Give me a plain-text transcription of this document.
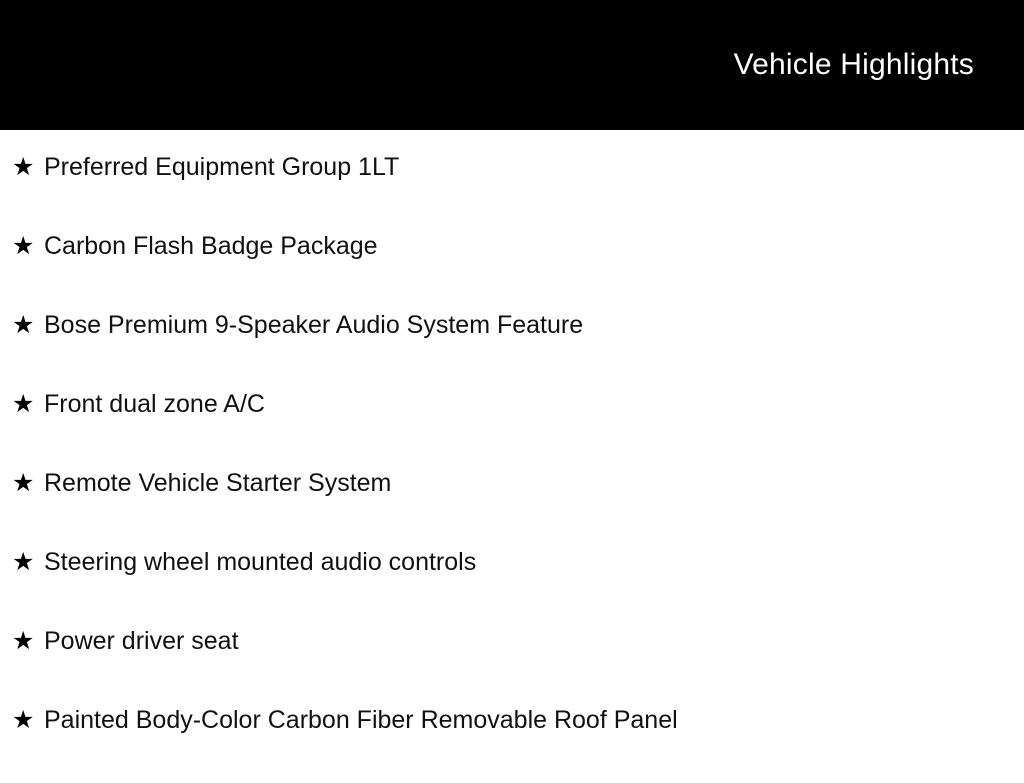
Vehicle Highlights
★ Preferred Equipment Group 1LT
★ Carbon Flash Badge Package
★ Bose Premium 9-Speaker Audio System Feature
★ Front dual zone A/C
★ Remote Vehicle Starter System
★ Steering wheel mounted audio controls
★ Power driver seat
★ Painted Body-Color Carbon Fiber Removable Roof Panel
